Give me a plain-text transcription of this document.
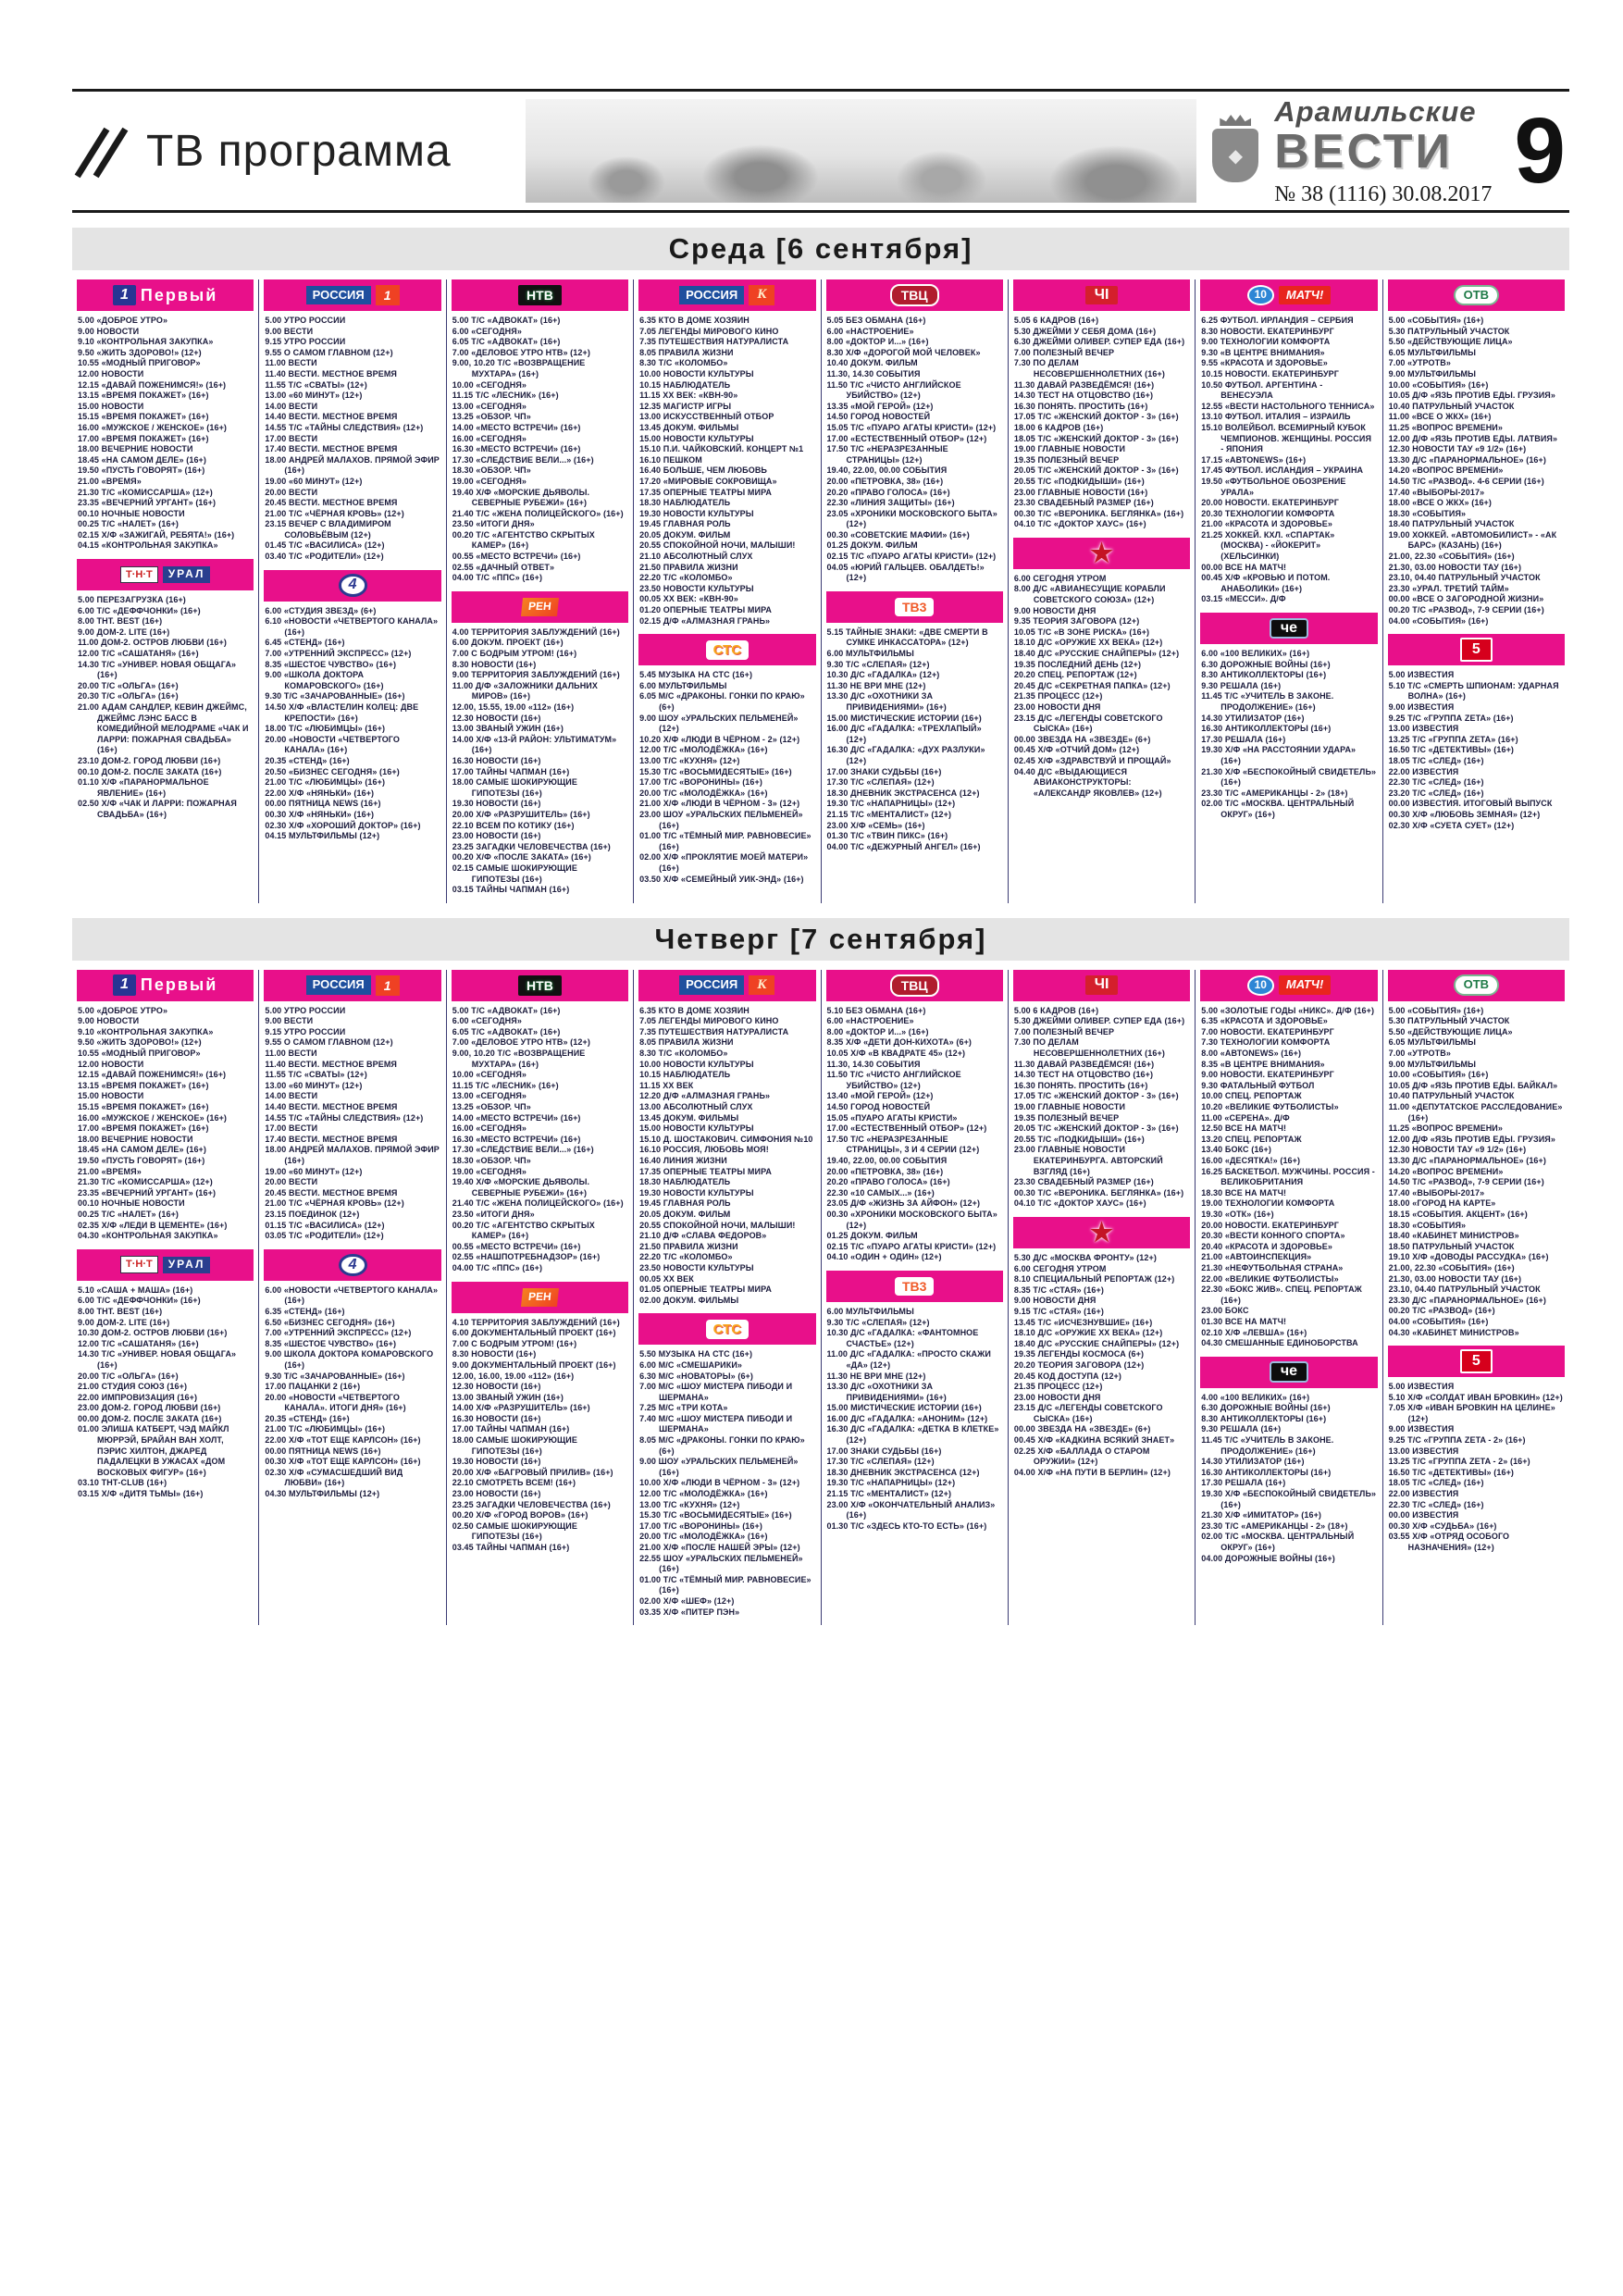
ТВ программа	◆
Арамильские
ВЕСТИ
№ 38 (1116) 30.08.2017 9
Среда [6 сентября]
1 Первый
5.00 «ДОБРОЕ УТРО»
9.00 НОВОСТИ
9.10 «КОНТРОЛЬНАЯ ЗАКУПКА»
9.50 «ЖИТЬ ЗДОРОВО!» (12+)
10.55 «МОДНЫЙ ПРИГОВОР»
12.00 НОВОСТИ
12.15 «ДАВАЙ ПОЖЕНИМСЯ!» (16+)
13.15 «ВРЕМЯ ПОКАЖЕТ» (16+)
15.00 НОВОСТИ
15.15 «ВРЕМЯ ПОКАЖЕТ» (16+)
16.00 «МУЖСКОЕ / ЖЕНСКОЕ» (16+)
17.00 «ВРЕМЯ ПОКАЖЕТ» (16+)
18.00 ВЕЧЕРНИЕ НОВОСТИ
18.45 «НА САМОМ ДЕЛЕ» (16+)
19.50 «ПУСТЬ ГОВОРЯТ» (16+)
21.00 «ВРЕМЯ»
21.30 Т/С «КОМИССАРША» (12+)
23.35 «ВЕЧЕРНИЙ УРГАНТ» (16+)
00.10 НОЧНЫЕ НОВОСТИ
00.25 Т/С «НАЛЕТ» (16+)
02.15 Х/Ф «ЗАЖИГАЙ, РЕБЯТА!» (16+)
04.15 «КОНТРОЛЬНАЯ ЗАКУПКА»
Т·Н·Т	УРАЛ
5.00 ПЕРЕЗАГРУЗКА (16+)
6.00 Т/С «ДЕФФЧОНКИ» (16+)
8.00 ТНТ. BEST (16+)
9.00 ДОМ-2. LITE (16+)
11.00 ДОМ-2. ОСТРОВ ЛЮБВИ (16+)
12.00 Т/С «САШАТАНЯ» (16+)
14.30 Т/С «УНИВЕР. НОВАЯ ОБЩАГА» (16+)
20.00 Т/С «ОЛЬГА» (16+)
20.30 Т/С «ОЛЬГА» (16+)
21.00 АДАМ САНДЛЕР, КЕВИН ДЖЕЙМС, ДЖЕЙМС ЛЭНС БАСС В КОМЕДИЙНОЙ МЕЛОДРАМЕ «ЧАК И ЛАРРИ: ПОЖАРНАЯ СВАДЬБА» (16+)
23.10 ДОМ-2. ГОРОД ЛЮБВИ (16+)
00.10 ДОМ-2. ПОСЛЕ ЗАКАТА (16+)
01.10 Х/Ф «ПАРАНОРМАЛЬНОЕ ЯВЛЕНИЕ» (16+)
02.50 Х/Ф «ЧАК И ЛАРРИ: ПОЖАРНАЯ СВАДЬБА» (16+)
РОССИЯ	1
5.00 УТРО РОССИИ
9.00 ВЕСТИ
9.15 УТРО РОССИИ
9.55 О САМОМ ГЛАВНОМ (12+)
11.00 ВЕСТИ
11.40 ВЕСТИ. МЕСТНОЕ ВРЕМЯ
11.55 Т/С «СВАТЫ» (12+)
13.00 «60 МИНУТ» (12+)
14.00 ВЕСТИ
14.40 ВЕСТИ. МЕСТНОЕ ВРЕМЯ
14.55 Т/С «ТАЙНЫ СЛЕДСТВИЯ» (12+)
17.00 ВЕСТИ
17.40 ВЕСТИ. МЕСТНОЕ ВРЕМЯ
18.00 АНДРЕЙ МАЛАХОВ. ПРЯМОЙ ЭФИР (16+)
19.00 «60 МИНУТ» (12+)
20.00 ВЕСТИ
20.45 ВЕСТИ. МЕСТНОЕ ВРЕМЯ
21.00 Т/С «ЧЁРНАЯ КРОВЬ» (12+)
23.15 ВЕЧЕР С ВЛАДИМИРОМ СОЛОВЬЁВЫМ (12+)
01.45 Т/С «ВАСИЛИСА» (12+)
03.40 Т/С «РОДИТЕЛИ» (12+)
4
6.00 «СТУДИЯ ЗВЕЗД» (6+)
6.10 «НОВОСТИ «ЧЕТВЕРТОГО КАНАЛА» (16+)
6.45 «СТЕНД» (16+)
7.00 «УТРЕННИЙ ЭКСПРЕСС» (12+)
8.35 «ШЕСТОЕ ЧУВСТВО» (16+)
9.00 «ШКОЛА ДОКТОРА КОМАРОВСКОГО» (16+)
9.30 Т/С «ЗАЧАРОВАННЫЕ» (16+)
14.50 Х/Ф «ВЛАСТЕЛИН КОЛЕЦ: ДВЕ КРЕПОСТИ» (16+)
18.00 Т/С «ЛЮБИМЦЫ» (16+)
20.00 «НОВОСТИ «ЧЕТВЕРТОГО КАНАЛА» (16+)
20.35 «СТЕНД» (16+)
20.50 «БИЗНЕС СЕГОДНЯ» (16+)
21.00 Т/С «ЛЮБИМЦЫ» (16+)
22.00 Х/Ф «НЯНЬКИ» (16+)
00.00 ПЯТНИЦА NEWS (16+)
00.30 Х/Ф «НЯНЬКИ» (16+)
02.30 Х/Ф «ХОРОШИЙ ДОКТОР» (16+)
04.15 МУЛЬТФИЛЬМЫ (12+)
НТВ
5.00 Т/С «АДВОКАТ» (16+)
6.00 «СЕГОДНЯ»
6.05 Т/С «АДВОКАТ» (16+)
7.00 «ДЕЛОВОЕ УТРО НТВ» (12+)
9.00, 10.20 Т/С «ВОЗВРАЩЕНИЕ МУХТАРА» (16+)
10.00 «СЕГОДНЯ»
11.15 Т/С «ЛЕСНИК» (16+)
13.00 «СЕГОДНЯ»
13.25 «ОБЗОР. ЧП»
14.00 «МЕСТО ВСТРЕЧИ» (16+)
16.00 «СЕГОДНЯ»
16.30 «МЕСТО ВСТРЕЧИ» (16+)
17.30 «СЛЕДСТВИЕ ВЕЛИ...» (16+)
18.30 «ОБЗОР. ЧП»
19.00 «СЕГОДНЯ»
19.40 Х/Ф «МОРСКИЕ ДЬЯВОЛЫ. СЕВЕРНЫЕ РУБЕЖИ» (16+)
21.40 Т/С «ЖЕНА ПОЛИЦЕЙСКОГО» (16+)
23.50 «ИТОГИ ДНЯ»
00.20 Т/С «АГЕНТСТВО СКРЫТЫХ КАМЕР» (16+)
00.55 «МЕСТО ВСТРЕЧИ» (16+)
02.55 «ДАЧНЫЙ ОТВЕТ»
04.00 Т/С «ППС» (16+)
РЕН
4.00 ТЕРРИТОРИЯ ЗАБЛУЖДЕНИЙ (16+)
6.00 ДОКУМ. ПРОЕКТ (16+)
7.00 С БОДРЫМ УТРОМ! (16+)
8.30 НОВОСТИ (16+)
9.00 ТЕРРИТОРИЯ ЗАБЛУЖДЕНИЙ (16+)
11.00 Д/Ф «ЗАЛОЖНИКИ ДАЛЬНИХ МИРОВ» (16+)
12.00, 15.55, 19.00 «112» (16+)
12.30 НОВОСТИ (16+)
13.00 ЗВАНЫЙ УЖИН (16+)
14.00 Х/Ф «13-Й РАЙОН: УЛЬТИМАТУМ» (16+)
16.30 НОВОСТИ (16+)
17.00 ТАЙНЫ ЧАПМАН (16+)
18.00 САМЫЕ ШОКИРУЮЩИЕ ГИПОТЕЗЫ (16+)
19.30 НОВОСТИ (16+)
20.00 Х/Ф «РАЗРУШИТЕЛЬ» (16+)
22.10 ВСЕМ ПО КОТИКУ (16+)
23.00 НОВОСТИ (16+)
23.25 ЗАГАДКИ ЧЕЛОВЕЧЕСТВА (16+)
00.20 Х/Ф «ПОСЛЕ ЗАКАТА» (16+)
02.15 САМЫЕ ШОКИРУЮЩИЕ ГИПОТЕЗЫ (16+)
03.15 ТАЙНЫ ЧАПМАН (16+)
РОССИЯ	К
6.35 КТО В ДОМЕ ХОЗЯИН
7.05 ЛЕГЕНДЫ МИРОВОГО КИНО
7.35 ПУТЕШЕСТВИЯ НАТУРАЛИСТА
8.05 ПРАВИЛА ЖИЗНИ
8.30 Т/С «КОЛОМБО»
10.00 НОВОСТИ КУЛЬТУРЫ
10.15 НАБЛЮДАТЕЛЬ
11.15 XX ВЕК: «КВН-90»
12.35 МАГИСТР ИГРЫ
13.00 ИСКУССТВЕННЫЙ ОТБОР
13.45 ДОКУМ. ФИЛЬМЫ
15.00 НОВОСТИ КУЛЬТУРЫ
15.10 П.И. ЧАЙКОВСКИЙ. КОНЦЕРТ №1
16.10 ПЕШКОМ
16.40 БОЛЬШЕ, ЧЕМ ЛЮБОВЬ
17.20 «МИРОВЫЕ СОКРОВИЩА»
17.35 ОПЕРНЫЕ ТЕАТРЫ МИРА
18.30 НАБЛЮДАТЕЛЬ
19.30 НОВОСТИ КУЛЬТУРЫ
19.45 ГЛАВНАЯ РОЛЬ
20.05 ДОКУМ. ФИЛЬМ
20.55 СПОКОЙНОЙ НОЧИ, МАЛЫШИ!
21.10 АБСОЛЮТНЫЙ СЛУХ
21.50 ПРАВИЛА ЖИЗНИ
22.20 Т/С «КОЛОМБО»
23.50 НОВОСТИ КУЛЬТУРЫ
00.05 XX ВЕК: «КВН-90»
01.20 ОПЕРНЫЕ ТЕАТРЫ МИРА
02.15 Д/Ф «АЛМАЗНАЯ ГРАНЬ»
СТС
5.45 МУЗЫКА НА СТС (16+)
6.00 МУЛЬТФИЛЬМЫ
6.05 М/С «ДРАКОНЫ. ГОНКИ ПО КРАЮ» (6+)
9.00 ШОУ «УРАЛЬСКИХ ПЕЛЬМЕНЕЙ» (12+)
10.20 Х/Ф «ЛЮДИ В ЧЁРНОМ - 2» (12+)
12.00 Т/С «МОЛОДЁЖКА» (16+)
13.00 Т/С «КУХНЯ» (12+)
15.30 Т/С «ВОСЬМИДЕСЯТЫЕ» (16+)
17.00 Т/С «ВОРОНИНЫ» (16+)
20.00 Т/С «МОЛОДЁЖКА» (16+)
21.00 Х/Ф «ЛЮДИ В ЧЁРНОМ - 3» (12+)
23.00 ШОУ «УРАЛЬСКИХ ПЕЛЬМЕНЕЙ» (16+)
01.00 Т/С «ТЁМНЫЙ МИР. РАВНОВЕСИЕ» (16+)
02.00 Х/Ф «ПРОКЛЯТИЕ МОЕЙ МАТЕРИ» (16+)
03.50 Х/Ф «СЕМЕЙНЫЙ УИК-ЭНД» (16+)
ТВЦ
5.05 БЕЗ ОБМАНА (16+)
6.00 «НАСТРОЕНИЕ»
8.00 «ДОКТОР И...» (16+)
8.30 Х/Ф «ДОРОГОЙ МОЙ ЧЕЛОВЕК»
10.40 ДОКУМ. ФИЛЬМ
11.30, 14.30 СОБЫТИЯ
11.50 Т/С «ЧИСТО АНГЛИЙСКОЕ УБИЙСТВО» (12+)
13.35 «МОЙ ГЕРОЙ» (12+)
14.50 ГОРОД НОВОСТЕЙ
15.05 Т/С «ПУАРО АГАТЫ КРИСТИ» (12+)
17.00 «ЕСТЕСТВЕННЫЙ ОТБОР» (12+)
17.50 Т/С «НЕРАЗРЕЗАННЫЕ СТРАНИЦЫ» (12+)
19.40, 22.00, 00.00 СОБЫТИЯ
20.00 «ПЕТРОВКА, 38» (16+)
20.20 «ПРАВО ГОЛОСА» (16+)
22.30 «ЛИНИЯ ЗАЩИТЫ» (16+)
23.05 «ХРОНИКИ МОСКОВСКОГО БЫТА» (12+)
00.30 «СОВЕТСКИЕ МАФИИ» (16+)
01.25 ДОКУМ. ФИЛЬМ
02.15 Т/С «ПУАРО АГАТЫ КРИСТИ» (12+)
04.05 «ЮРИЙ ГАЛЬЦЕВ. ОБАЛДЕТЬ!» (12+)
ТВ3
5.15 ТАЙНЫЕ ЗНАКИ: «ДВЕ СМЕРТИ В СУМКЕ ИНКАССАТОРА» (12+)
6.00 МУЛЬТФИЛЬМЫ
9.30 Т/С «СЛЕПАЯ» (12+)
10.30 Д/С «ГАДАЛКА» (12+)
11.30 НЕ ВРИ МНЕ (12+)
13.30 Д/С «ОХОТНИКИ ЗА ПРИВИДЕНИЯМИ» (16+)
15.00 МИСТИЧЕСКИЕ ИСТОРИИ (16+)
16.00 Д/С «ГАДАЛКА: «ТРЕХЛАПЫЙ» (12+)
16.30 Д/С «ГАДАЛКА: «ДУХ РАЗЛУКИ» (12+)
17.00 ЗНАКИ СУДЬБЫ (16+)
17.30 Т/С «СЛЕПАЯ» (12+)
18.30 ДНЕВНИК ЭКСТРАСЕНСА (12+)
19.30 Т/С «НАПАРНИЦЫ» (12+)
21.15 Т/С «МЕНТАЛИСТ» (12+)
23.00 Х/Ф «СЕМЬ» (16+)
01.30 Т/С «ТВИН ПИКС» (16+)
04.00 Т/С «ДЕЖУРНЫЙ АНГЕЛ» (16+)
ЧI
5.05 6 КАДРОВ (16+)
5.30 ДЖЕЙМИ У СЕБЯ ДОМА (16+)
6.30 ДЖЕЙМИ ОЛИВЕР. СУПЕР ЕДА (16+)
7.00 ПОЛЕЗНЫЙ ВЕЧЕР
7.30 ПО ДЕЛАМ НЕСОВЕРШЕННОЛЕТНИХ (16+)
11.30 ДАВАЙ РАЗВЕДЁМСЯ! (16+)
14.30 ТЕСТ НА ОТЦОВСТВО (16+)
16.30 ПОНЯТЬ. ПРОСТИТЬ (16+)
17.05 Т/С «ЖЕНСКИЙ ДОКТОР - 3» (16+)
18.00 6 КАДРОВ (16+)
18.05 Т/С «ЖЕНСКИЙ ДОКТОР - 3» (16+)
19.00 ГЛАВНЫЕ НОВОСТИ
19.35 ПОЛЕЗНЫЙ ВЕЧЕР
20.05 Т/С «ЖЕНСКИЙ ДОКТОР - 3» (16+)
20.55 Т/С «ПОДКИДЫШИ» (16+)
23.00 ГЛАВНЫЕ НОВОСТИ (16+)
23.30 СВАДЕБНЫЙ РАЗМЕР (16+)
00.30 Т/С «ВЕРОНИКА. БЕГЛЯНКА» (16+)
04.10 Т/С «ДОКТОР ХАУС» (16+)
★
6.00 СЕГОДНЯ УТРОМ
8.00 Д/С «АВИАНЕСУЩИЕ КОРАБЛИ СОВЕТСКОГО СОЮЗА» (12+)
9.00 НОВОСТИ ДНЯ
9.35 ТЕОРИЯ ЗАГОВОРА (12+)
10.05 Т/С «В ЗОНЕ РИСКА» (16+)
18.10 Д/С «ОРУЖИЕ XX ВЕКА» (12+)
18.40 Д/С «РУССКИЕ СНАЙПЕРЫ» (12+)
19.35 ПОСЛЕДНИЙ ДЕНЬ (12+)
20.20 СПЕЦ. РЕПОРТАЖ (12+)
20.45 Д/С «СЕКРЕТНАЯ ПАПКА» (12+)
21.35 ПРОЦЕСС (12+)
23.00 НОВОСТИ ДНЯ
23.15 Д/С «ЛЕГЕНДЫ СОВЕТСКОГО СЫСКА» (16+)
00.00 ЗВЕЗДА НА «ЗВЕЗДЕ» (6+)
00.45 Х/Ф «ОТЧИЙ ДОМ» (12+)
02.45 Х/Ф «ЗДРАВСТВУЙ И ПРОЩАЙ»
04.40 Д/С «ВЫДАЮЩИЕСЯ АВИАКОНСТРУКТОРЫ: «АЛЕКСАНДР ЯКОВЛЕВ» (12+)
10	МАТЧ!
6.25 ФУТБОЛ. ИРЛАНДИЯ – СЕРБИЯ
8.30 НОВОСТИ. ЕКАТЕРИНБУРГ
9.00 ТЕХНОЛОГИИ КОМФОРТА
9.30 «В ЦЕНТРЕ ВНИМАНИЯ»
9.55 «КРАСОТА И ЗДОРОВЬЕ»
10.15 НОВОСТИ. ЕКАТЕРИНБУРГ
10.50 ФУТБОЛ. АРГЕНТИНА - ВЕНЕСУЭЛА
12.55 «ВЕСТИ НАСТОЛЬНОГО ТЕННИСА»
13.10 ФУТБОЛ. ИТАЛИЯ – ИЗРАИЛЬ
15.10 ВОЛЕЙБОЛ. ВСЕМИРНЫЙ КУБОК ЧЕМПИОНОВ. ЖЕНЩИНЫ. РОССИЯ - ЯПОНИЯ
17.15 «АВТОNEWS» (16+)
17.45 ФУТБОЛ. ИСЛАНДИЯ – УКРАИНА
19.50 «ФУТБОЛЬНОЕ ОБОЗРЕНИЕ УРАЛА»
20.00 НОВОСТИ. ЕКАТЕРИНБУРГ
20.30 ТЕХНОЛОГИИ КОМФОРТА
21.00 «КРАСОТА И ЗДОРОВЬЕ»
21.25 ХОККЕЙ. КХЛ. «СПАРТАК» (МОСКВА) - «ЙОКЕРИТ» (ХЕЛЬСИНКИ)
00.00 ВСЕ НА МАТЧ!
00.45 Х/Ф «КРОВЬЮ И ПОТОМ. АНАБОЛИКИ» (16+)
03.15 «МЕССИ». Д/Ф
че
6.00 «100 ВЕЛИКИХ» (16+)
6.30 ДОРОЖНЫЕ ВОЙНЫ (16+)
8.30 АНТИКОЛЛЕКТОРЫ (16+)
9.30 РЕШАЛА (16+)
11.45 Т/С «УЧИТЕЛЬ В ЗАКОНЕ. ПРОДОЛЖЕНИЕ» (16+)
14.30 УТИЛИЗАТОР (16+)
16.30 АНТИКОЛЛЕКТОРЫ (16+)
17.30 РЕШАЛА (16+)
19.30 Х/Ф «НА РАССТОЯНИИ УДАРА» (16+)
21.30 Х/Ф «БЕСПОКОЙНЫЙ СВИДЕТЕЛЬ» (16+)
23.30 Т/С «АМЕРИКАНЦЫ - 2» (18+)
02.00 Т/С «МОСКВА. ЦЕНТРАЛЬНЫЙ ОКРУГ» (16+)
ОТВ
5.00 «СОБЫТИЯ» (16+)
5.30 ПАТРУЛЬНЫЙ УЧАСТОК
5.50 «ДЕЙСТВУЮЩИЕ ЛИЦА»
6.05 МУЛЬТФИЛЬМЫ
7.00 «УТРОТВ»
9.00 МУЛЬТФИЛЬМЫ
10.00 «СОБЫТИЯ» (16+)
10.05 Д/Ф «ЯЗЬ ПРОТИВ ЕДЫ. ГРУЗИЯ»
10.40 ПАТРУЛЬНЫЙ УЧАСТОК
11.00 «ВСЕ О ЖКХ» (16+)
11.25 «ВОПРОС ВРЕМЕНИ»
12.00 Д/Ф «ЯЗЬ ПРОТИВ ЕДЫ. ЛАТВИЯ»
12.30 НОВОСТИ ТАУ «9 1/2» (16+)
13.30 Д/С «ПАРАНОРМАЛЬНОЕ» (16+)
14.20 «ВОПРОС ВРЕМЕНИ»
14.50 Т/С «РАЗВОД». 4-6 СЕРИИ (16+)
17.40 «ВЫБОРЫ-2017»
18.00 «ВСЕ О ЖКХ» (16+)
18.30 «СОБЫТИЯ»
18.40 ПАТРУЛЬНЫЙ УЧАСТОК
19.00 ХОККЕЙ. «АВТОМОБИЛИСТ» - «АК БАРС» (КАЗАНЬ) (16+)
21.00, 22.30 «СОБЫТИЯ» (16+)
21.30, 03.00 НОВОСТИ ТАУ (16+)
23.10, 04.40 ПАТРУЛЬНЫЙ УЧАСТОК
23.30 «УРАЛ. ТРЕТИЙ ТАЙМ»
00.00 «ВСЕ О ЗАГОРОДНОЙ ЖИЗНИ»
00.20 Т/С «РАЗВОД», 7-9 СЕРИИ (16+)
04.00 «СОБЫТИЯ» (16+)
5
5.00 ИЗВЕСТИЯ
5.10 Т/С «СМЕРТЬ ШПИОНАМ: УДАРНАЯ ВОЛНА» (16+)
9.00 ИЗВЕСТИЯ
9.25 Т/С «ГРУППА ZETA» (16+)
13.00 ИЗВЕСТИЯ
13.25 Т/С «ГРУППА ZETA» (16+)
16.50 Т/С «ДЕТЕКТИВЫ» (16+)
18.05 Т/С «СЛЕД» (16+)
22.00 ИЗВЕСТИЯ
22.30 Т/С «СЛЕД» (16+)
23.20 Т/С «СЛЕД» (16+)
00.00 ИЗВЕСТИЯ. ИТОГОВЫЙ ВЫПУСК
00.30 Х/Ф «ЛЮБОВЬ ЗЕМНАЯ» (12+)
02.30 Х/Ф «СУЕТА СУЕТ» (12+)
Четверг [7 сентября]
1 Первый
5.00 «ДОБРОЕ УТРО»
9.00 НОВОСТИ
9.10 «КОНТРОЛЬНАЯ ЗАКУПКА»
9.50 «ЖИТЬ ЗДОРОВО!» (12+)
10.55 «МОДНЫЙ ПРИГОВОР»
12.00 НОВОСТИ
12.15 «ДАВАЙ ПОЖЕНИМСЯ!» (16+)
13.15 «ВРЕМЯ ПОКАЖЕТ» (16+)
15.00 НОВОСТИ
15.15 «ВРЕМЯ ПОКАЖЕТ» (16+)
16.00 «МУЖСКОЕ / ЖЕНСКОЕ» (16+)
17.00 «ВРЕМЯ ПОКАЖЕТ» (16+)
18.00 ВЕЧЕРНИЕ НОВОСТИ
18.45 «НА САМОМ ДЕЛЕ» (16+)
19.50 «ПУСТЬ ГОВОРЯТ» (16+)
21.00 «ВРЕМЯ»
21.30 Т/С «КОМИССАРША» (12+)
23.35 «ВЕЧЕРНИЙ УРГАНТ» (16+)
00.10 НОЧНЫЕ НОВОСТИ
00.25 Т/С «НАЛЕТ» (16+)
02.35 Х/Ф «ЛЕДИ В ЦЕМЕНТЕ» (16+)
04.30 «КОНТРОЛЬНАЯ ЗАКУПКА»
Т·Н·Т	УРАЛ
5.10 «САША + МАША» (16+)
6.00 Т/С «ДЕФФЧОНКИ» (16+)
8.00 ТНТ. BEST (16+)
9.00 ДОМ-2. LITE (16+)
10.30 ДОМ-2. ОСТРОВ ЛЮБВИ (16+)
12.00 Т/С «САШАТАНЯ» (16+)
14.30 Т/С «УНИВЕР. НОВАЯ ОБЩАГА» (16+)
20.00 Т/С «ОЛЬГА» (16+)
21.00 СТУДИЯ СОЮЗ (16+)
22.00 ИМПРОВИЗАЦИЯ (16+)
23.00 ДОМ-2. ГОРОД ЛЮБВИ (16+)
00.00 ДОМ-2. ПОСЛЕ ЗАКАТА (16+)
01.00 ЭЛИША КАТБЕРТ, ЧЭД МАЙКЛ МЮРРЭЙ, БРАЙАН ВАН ХОЛТ, ПЭРИС ХИЛТОН, ДЖАРЕД ПАДАЛЕЦКИ В УЖАСАХ «ДОМ ВОСКОВЫХ ФИГУР» (16+)
03.10 ТНТ-CLUB (16+)
03.15 Х/Ф «ДИТЯ ТЬМЫ» (16+)
РОССИЯ	1
5.00 УТРО РОССИИ
9.00 ВЕСТИ
9.15 УТРО РОССИИ
9.55 О САМОМ ГЛАВНОМ (12+)
11.00 ВЕСТИ
11.40 ВЕСТИ. МЕСТНОЕ ВРЕМЯ
11.55 Т/С «СВАТЫ» (12+)
13.00 «60 МИНУТ» (12+)
14.00 ВЕСТИ
14.40 ВЕСТИ. МЕСТНОЕ ВРЕМЯ
14.55 Т/С «ТАЙНЫ СЛЕДСТВИЯ» (12+)
17.00 ВЕСТИ
17.40 ВЕСТИ. МЕСТНОЕ ВРЕМЯ
18.00 АНДРЕЙ МАЛАХОВ. ПРЯМОЙ ЭФИР (16+)
19.00 «60 МИНУТ» (12+)
20.00 ВЕСТИ
20.45 ВЕСТИ. МЕСТНОЕ ВРЕМЯ
21.00 Т/С «ЧЁРНАЯ КРОВЬ» (12+)
23.15 ПОЕДИНОК (12+)
01.15 Т/С «ВАСИЛИСА» (12+)
03.05 Т/С «РОДИТЕЛИ» (12+)
4
6.00 «НОВОСТИ «ЧЕТВЕРТОГО КАНАЛА» (16+)
6.35 «СТЕНД» (16+)
6.50 «БИЗНЕС СЕГОДНЯ» (16+)
7.00 «УТРЕННИЙ ЭКСПРЕСС» (12+)
8.35 «ШЕСТОЕ ЧУВСТВО» (16+)
9.00 ШКОЛА ДОКТОРА КОМАРОВСКОГО (16+)
9.30 Т/С «ЗАЧАРОВАННЫЕ» (16+)
17.00 ПАЦАНКИ 2 (16+)
20.00 «НОВОСТИ «ЧЕТВЕРТОГО КАНАЛА». ИТОГИ ДНЯ» (16+)
20.35 «СТЕНД» (16+)
21.00 Т/С «ЛЮБИМЦЫ» (16+)
22.00 Х/Ф «ТОТ ЕЩЕ КАРЛСОН» (16+)
00.00 ПЯТНИЦА NEWS (16+)
00.30 Х/Ф «ТОТ ЕЩЕ КАРЛСОН» (16+)
02.30 Х/Ф «СУМАСШЕДШИЙ ВИД ЛЮБВИ» (16+)
04.30 МУЛЬТФИЛЬМЫ (12+)
НТВ
5.00 Т/С «АДВОКАТ» (16+)
6.00 «СЕГОДНЯ»
6.05 Т/С «АДВОКАТ» (16+)
7.00 «ДЕЛОВОЕ УТРО НТВ» (12+)
9.00, 10.20 Т/С «ВОЗВРАЩЕНИЕ МУХТАРА» (16+)
10.00 «СЕГОДНЯ»
11.15 Т/С «ЛЕСНИК» (16+)
13.00 «СЕГОДНЯ»
13.25 «ОБЗОР. ЧП»
14.00 «МЕСТО ВСТРЕЧИ» (16+)
16.00 «СЕГОДНЯ»
16.30 «МЕСТО ВСТРЕЧИ» (16+)
17.30 «СЛЕДСТВИЕ ВЕЛИ...» (16+)
18.30 «ОБЗОР. ЧП»
19.00 «СЕГОДНЯ»
19.40 Х/Ф «МОРСКИЕ ДЬЯВОЛЫ. СЕВЕРНЫЕ РУБЕЖИ» (16+)
21.40 Т/С «ЖЕНА ПОЛИЦЕЙСКОГО» (16+)
23.50 «ИТОГИ ДНЯ»
00.20 Т/С «АГЕНТСТВО СКРЫТЫХ КАМЕР» (16+)
00.55 «МЕСТО ВСТРЕЧИ» (16+)
02.55 «НАШПОТРЕБНАДЗОР» (16+)
04.00 Т/С «ППС» (16+)
РЕН
4.10 ТЕРРИТОРИЯ ЗАБЛУЖДЕНИЙ (16+)
6.00 ДОКУМЕНТАЛЬНЫЙ ПРОЕКТ (16+)
7.00 С БОДРЫМ УТРОМ! (16+)
8.30 НОВОСТИ (16+)
9.00 ДОКУМЕНТАЛЬНЫЙ ПРОЕКТ (16+)
12.00, 16.00, 19.00 «112» (16+)
12.30 НОВОСТИ (16+)
13.00 ЗВАНЫЙ УЖИН (16+)
14.00 Х/Ф «РАЗРУШИТЕЛЬ» (16+)
16.30 НОВОСТИ (16+)
17.00 ТАЙНЫ ЧАПМАН (16+)
18.00 САМЫЕ ШОКИРУЮЩИЕ ГИПОТЕЗЫ (16+)
19.30 НОВОСТИ (16+)
20.00 Х/Ф «БАГРОВЫЙ ПРИЛИВ» (16+)
22.10 СМОТРЕТЬ ВСЕМ! (16+)
23.00 НОВОСТИ (16+)
23.25 ЗАГАДКИ ЧЕЛОВЕЧЕСТВА (16+)
00.20 Х/Ф «ГОРОД ВОРОВ» (16+)
02.50 САМЫЕ ШОКИРУЮЩИЕ ГИПОТЕЗЫ (16+)
03.45 ТАЙНЫ ЧАПМАН (16+)
РОССИЯ	К
6.35 КТО В ДОМЕ ХОЗЯИН
7.05 ЛЕГЕНДЫ МИРОВОГО КИНО
7.35 ПУТЕШЕСТВИЯ НАТУРАЛИСТА
8.05 ПРАВИЛА ЖИЗНИ
8.30 Т/С «КОЛОМБО»
10.00 НОВОСТИ КУЛЬТУРЫ
10.15 НАБЛЮДАТЕЛЬ
11.15 XX ВЕК
12.20 Д/Ф «АЛМАЗНАЯ ГРАНЬ»
13.00 АБСОЛЮТНЫЙ СЛУХ
13.45 ДОКУМ. ФИЛЬМЫ
15.00 НОВОСТИ КУЛЬТУРЫ
15.10 Д. ШОСТАКОВИЧ. СИМФОНИЯ №10
16.10 РОССИЯ, ЛЮБОВЬ МОЯ!
16.40 ЛИНИЯ ЖИЗНИ
17.35 ОПЕРНЫЕ ТЕАТРЫ МИРА
18.30 НАБЛЮДАТЕЛЬ
19.30 НОВОСТИ КУЛЬТУРЫ
19.45 ГЛАВНАЯ РОЛЬ
20.05 ДОКУМ. ФИЛЬМ
20.55 СПОКОЙНОЙ НОЧИ, МАЛЫШИ!
21.10 Д/Ф «СЛАВА ФЕДОРОВ»
21.50 ПРАВИЛА ЖИЗНИ
22.20 Т/С «КОЛОМБО»
23.50 НОВОСТИ КУЛЬТУРЫ
00.05 XX ВЕК
01.05 ОПЕРНЫЕ ТЕАТРЫ МИРА
02.00 ДОКУМ. ФИЛЬМЫ
СТС
5.50 МУЗЫКА НА СТС (16+)
6.00 М/С «СМЕШАРИКИ»
6.30 М/С «НОВАТОРЫ» (6+)
7.00 М/С «ШОУ МИСТЕРА ПИБОДИ И ШЕРМАНА»
7.25 М/С «ТРИ КОТА»
7.40 М/С «ШОУ МИСТЕРА ПИБОДИ И ШЕРМАНА»
8.05 М/С «ДРАКОНЫ. ГОНКИ ПО КРАЮ» (6+)
9.00 ШОУ «УРАЛЬСКИХ ПЕЛЬМЕНЕЙ» (16+)
10.00 Х/Ф «ЛЮДИ В ЧЁРНОМ - 3» (12+)
12.00 Т/С «МОЛОДЁЖКА» (16+)
13.00 Т/С «КУХНЯ» (12+)
15.30 Т/С «ВОСЬМИДЕСЯТЫЕ» (16+)
17.00 Т/С «ВОРОНИНЫ» (16+)
20.00 Т/С «МОЛОДЁЖКА» (16+)
21.00 Х/Ф «ПОСЛЕ НАШЕЙ ЭРЫ» (12+)
22.55 ШОУ «УРАЛЬСКИХ ПЕЛЬМЕНЕЙ» (16+)
01.00 Т/С «ТЁМНЫЙ МИР. РАВНОВЕСИЕ» (16+)
02.00 Х/Ф «ШЕФ» (12+)
03.35 Х/Ф «ПИТЕР ПЭН»
ТВЦ
5.10 БЕЗ ОБМАНА (16+)
6.00 «НАСТРОЕНИЕ»
8.00 «ДОКТОР И...» (16+)
8.35 Х/Ф «ДЕТИ ДОН-КИХОТА» (6+)
10.05 Х/Ф «В КВАДРАТЕ 45» (12+)
11.30, 14.30 СОБЫТИЯ
11.50 Т/С «ЧИСТО АНГЛИЙСКОЕ УБИЙСТВО» (12+)
13.40 «МОЙ ГЕРОЙ» (12+)
14.50 ГОРОД НОВОСТЕЙ
15.05 «ПУАРО АГАТЫ КРИСТИ»
17.00 «ЕСТЕСТВЕННЫЙ ОТБОР» (12+)
17.50 Т/С «НЕРАЗРЕЗАННЫЕ СТРАНИЦЫ», 3 И 4 СЕРИИ (12+)
19.40, 22.00, 00.00 СОБЫТИЯ
20.00 «ПЕТРОВКА, 38» (16+)
20.20 «ПРАВО ГОЛОСА» (16+)
22.30 «10 САМЫХ...» (16+)
23.05 Д/Ф «ЖИЗНЬ ЗА АЙФОН» (12+)
00.30 «ХРОНИКИ МОСКОВСКОГО БЫТА» (12+)
01.25 ДОКУМ. ФИЛЬМ
02.15 Т/С «ПУАРО АГАТЫ КРИСТИ» (12+)
04.10 «ОДИН + ОДИН» (12+)
ТВ3
6.00 МУЛЬТФИЛЬМЫ
9.30 Т/С «СЛЕПАЯ» (12+)
10.30 Д/С «ГАДАЛКА: «ФАНТОМНОЕ СЧАСТЬЕ» (12+)
11.00 Д/С «ГАДАЛКА: «ПРОСТО СКАЖИ «ДА» (12+)
11.30 НЕ ВРИ МНЕ (12+)
13.30 Д/С «ОХОТНИКИ ЗА ПРИВИДЕНИЯМИ» (16+)
15.00 МИСТИЧЕСКИЕ ИСТОРИИ (16+)
16.00 Д/С «ГАДАЛКА: «АНОНИМ» (12+)
16.30 Д/С «ГАДАЛКА: «ДЕТКА В КЛЕТКЕ» (12+)
17.00 ЗНАКИ СУДЬБЫ (16+)
17.30 Т/С «СЛЕПАЯ» (12+)
18.30 ДНЕВНИК ЭКСТРАСЕНСА (12+)
19.30 Т/С «НАПАРНИЦЫ» (12+)
21.15 Т/С «МЕНТАЛИСТ» (12+)
23.00 Х/Ф «ОКОНЧАТЕЛЬНЫЙ АНАЛИЗ» (16+)
01.30 Т/С «ЗДЕСЬ КТО-ТО ЕСТЬ» (16+)
ЧI
5.00 6 КАДРОВ (16+)
5.30 ДЖЕЙМИ ОЛИВЕР. СУПЕР ЕДА (16+)
7.00 ПОЛЕЗНЫЙ ВЕЧЕР
7.30 ПО ДЕЛАМ НЕСОВЕРШЕННОЛЕТНИХ (16+)
11.30 ДАВАЙ РАЗВЕДЁМСЯ! (16+)
14.30 ТЕСТ НА ОТЦОВСТВО (16+)
16.30 ПОНЯТЬ. ПРОСТИТЬ (16+)
17.05 Т/С «ЖЕНСКИЙ ДОКТОР - 3» (16+)
19.00 ГЛАВНЫЕ НОВОСТИ
19.35 ПОЛЕЗНЫЙ ВЕЧЕР
20.05 Т/С «ЖЕНСКИЙ ДОКТОР - 3» (16+)
20.55 Т/С «ПОДКИДЫШИ» (16+)
23.00 ГЛАВНЫЕ НОВОСТИ ЕКАТЕРИНБУРГА. АВТОРСКИЙ ВЗГЛЯД (16+)
23.30 СВАДЕБНЫЙ РАЗМЕР (16+)
00.30 Т/С «ВЕРОНИКА. БЕГЛЯНКА» (16+)
04.10 Т/С «ДОКТОР ХАУС» (16+)
★
5.30 Д/С «МОСКВА ФРОНТУ» (12+)
6.00 СЕГОДНЯ УТРОМ
8.10 СПЕЦИАЛЬНЫЙ РЕПОРТАЖ (12+)
8.35 Т/С «СТАЯ» (16+)
9.00 НОВОСТИ ДНЯ
9.15 Т/С «СТАЯ» (16+)
13.45 Т/С «ИСЧЕЗНУВШИЕ» (16+)
18.10 Д/С «ОРУЖИЕ XX ВЕКА» (12+)
18.40 Д/С «РУССКИЕ СНАЙПЕРЫ» (12+)
19.35 ЛЕГЕНДЫ КОСМОСА (6+)
20.20 ТЕОРИЯ ЗАГОВОРА (12+)
20.45 КОД ДОСТУПА (12+)
21.35 ПРОЦЕСС (12+)
23.00 НОВОСТИ ДНЯ
23.15 Д/С «ЛЕГЕНДЫ СОВЕТСКОГО СЫСКА» (16+)
00.00 ЗВЕЗДА НА «ЗВЕЗДЕ» (6+)
00.45 Х/Ф «КАДКИНА ВСЯКИЙ ЗНАЕТ»
02.25 Х/Ф «БАЛЛАДА О СТАРОМ ОРУЖИИ» (12+)
04.00 Х/Ф «НА ПУТИ В БЕРЛИН» (12+)
10	МАТЧ!
5.00 «ЗОЛОТЫЕ ГОДЫ «НИКС». Д/Ф (16+)
6.35 «КРАСОТА И ЗДОРОВЬЕ»
7.00 НОВОСТИ. ЕКАТЕРИНБУРГ
7.30 ТЕХНОЛОГИИ КОМФОРТА
8.00 «АВТОNEWS» (16+)
8.35 «В ЦЕНТРЕ ВНИМАНИЯ»
9.00 НОВОСТИ. ЕКАТЕРИНБУРГ
9.30 ФАТАЛЬНЫЙ ФУТБОЛ
10.00 СПЕЦ. РЕПОРТАЖ
10.20 «ВЕЛИКИЕ ФУТБОЛИСТЫ»
11.00 «СЕРЕНА». Д/Ф
12.50 ВСЕ НА МАТЧ!
13.20 СПЕЦ. РЕПОРТАЖ
13.40 БОКС (16+)
16.00 «ДЕСЯТКА!» (16+)
16.25 БАСКЕТБОЛ. МУЖЧИНЫ. РОССИЯ - ВЕЛИКОБРИТАНИЯ
18.30 ВСЕ НА МАТЧ!
19.00 ТЕХНОЛОГИИ КОМФОРТА
19.30 «ОТК» (16+)
20.00 НОВОСТИ. ЕКАТЕРИНБУРГ
20.30 «ВЕСТИ КОННОГО СПОРТА»
20.40 «КРАСОТА И ЗДОРОВЬЕ»
21.00 «АВТОИНСПЕКЦИЯ»
21.30 «НЕФУТБОЛЬНАЯ СТРАНА»
22.00 «ВЕЛИКИЕ ФУТБОЛИСТЫ»
22.30 «БОКС ЖИВ». СПЕЦ. РЕПОРТАЖ (16+)
23.00 БОКС
01.30 ВСЕ НА МАТЧ!
02.10 Х/Ф «ЛЕВША» (16+)
04.30 СМЕШАННЫЕ ЕДИНОБОРСТВА
че
4.00 «100 ВЕЛИКИХ» (16+)
6.30 ДОРОЖНЫЕ ВОЙНЫ (16+)
8.30 АНТИКОЛЛЕКТОРЫ (16+)
9.30 РЕШАЛА (16+)
11.45 Т/С «УЧИТЕЛЬ В ЗАКОНЕ. ПРОДОЛЖЕНИЕ» (16+)
14.30 УТИЛИЗАТОР (16+)
16.30 АНТИКОЛЛЕКТОРЫ (16+)
17.30 РЕШАЛА (16+)
19.30 Х/Ф «БЕСПОКОЙНЫЙ СВИДЕТЕЛЬ» (16+)
21.30 Х/Ф «ИМИТАТОР» (16+)
23.30 Т/С «АМЕРИКАНЦЫ - 2» (18+)
02.00 Т/С «МОСКВА. ЦЕНТРАЛЬНЫЙ ОКРУГ» (16+)
04.00 ДОРОЖНЫЕ ВОЙНЫ (16+)
ОТВ
5.00 «СОБЫТИЯ» (16+)
5.30 ПАТРУЛЬНЫЙ УЧАСТОК
5.50 «ДЕЙСТВУЮЩИЕ ЛИЦА»
6.05 МУЛЬТФИЛЬМЫ
7.00 «УТРОТВ»
9.00 МУЛЬТФИЛЬМЫ
10.00 «СОБЫТИЯ» (16+)
10.05 Д/Ф «ЯЗЬ ПРОТИВ ЕДЫ. БАЙКАЛ»
10.40 ПАТРУЛЬНЫЙ УЧАСТОК
11.00 «ДЕПУТАТСКОЕ РАССЛЕДОВАНИЕ» (16+)
11.25 «ВОПРОС ВРЕМЕНИ»
12.00 Д/Ф «ЯЗЬ ПРОТИВ ЕДЫ. ГРУЗИЯ»
12.30 НОВОСТИ ТАУ «9 1/2» (16+)
13.30 Д/С «ПАРАНОРМАЛЬНОЕ» (16+)
14.20 «ВОПРОС ВРЕМЕНИ»
14.50 Т/С «РАЗВОД», 7-9 СЕРИИ (16+)
17.40 «ВЫБОРЫ-2017»
18.00 «ГОРОД НА КАРТЕ»
18.15 «СОБЫТИЯ. АКЦЕНТ» (16+)
18.30 «СОБЫТИЯ»
18.40 «КАБИНЕТ МИНИСТРОВ»
18.50 ПАТРУЛЬНЫЙ УЧАСТОК
19.10 Х/Ф «ДОВОДЫ РАССУДКА» (16+)
21.00, 22.30 «СОБЫТИЯ» (16+)
21.30, 03.00 НОВОСТИ ТАУ (16+)
23.10, 04.40 ПАТРУЛЬНЫЙ УЧАСТОК
23.30 Д/С «ПАРАНОРМАЛЬНОЕ» (16+)
00.20 Т/С «РАЗВОД» (16+)
04.00 «СОБЫТИЯ» (16+)
04.30 «КАБИНЕТ МИНИСТРОВ»
5
5.00 ИЗВЕСТИЯ
5.10 Х/Ф «СОЛДАТ ИВАН БРОВКИН» (12+)
7.05 Х/Ф «ИВАН БРОВКИН НА ЦЕЛИНЕ» (12+)
9.00 ИЗВЕСТИЯ
9.25 Т/С «ГРУППА ZETA - 2» (16+)
13.00 ИЗВЕСТИЯ
13.25 Т/С «ГРУППА ZETA - 2» (16+)
16.50 Т/С «ДЕТЕКТИВЫ» (16+)
18.05 Т/С «СЛЕД» (16+)
22.00 ИЗВЕСТИЯ
22.30 Т/С «СЛЕД» (16+)
00.00 ИЗВЕСТИЯ
00.30 Х/Ф «СУДЬБА» (16+)
03.55 Х/Ф «ОТРЯД ОСОБОГО НАЗНАЧЕНИЯ» (12+)
